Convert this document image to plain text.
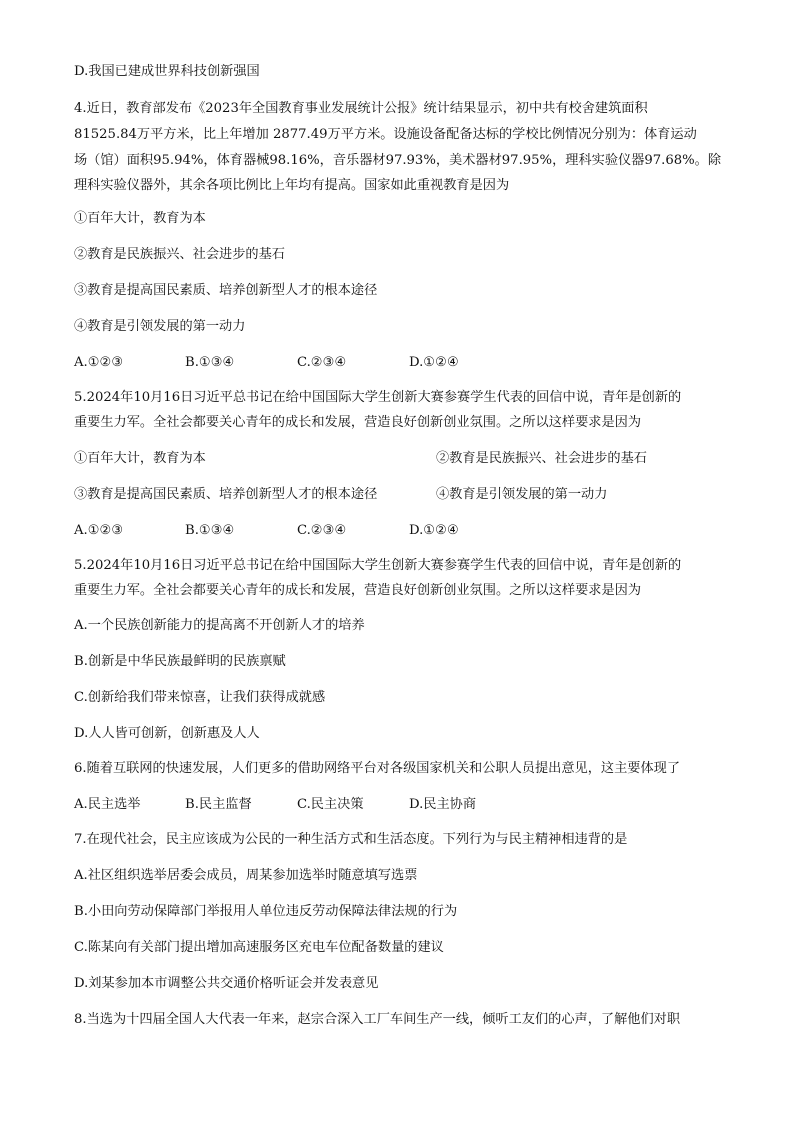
D.我国已建成世界科技创新强国
4.近日，教育部发布《2023年全国教育事业发展统计公报》统计结果显示，初中共有校舍建筑面积
81525.84万平方米，比上年增加 2877.49万平方米。设施设备配备达标的学校比例情况分别为：体育运动
场（馆）面积95.94%，体育器械98.16%，音乐器材97.93%，美术器材97.95%，理科实验仪器97.68%。除
理科实验仪器外，其余各项比例比上年均有提高。国家如此重视教育是因为
①百年大计，教育为本
②教育是民族振兴、社会进步的基石
③教育是提高国民素质、培养创新型人才的根本途径
④教育是引领发展的第一动力
A.①②③	B.①③④	C.②③④	D.①②④
5.2024年10月16日习近平总书记在给中国国际大学生创新大赛参赛学生代表的回信中说，青年是创新的
重要生力军。全社会都要关心青年的成长和发展，营造良好创新创业氛围。之所以这样要求是因为
①百年大计，教育为本	②教育是民族振兴、社会进步的基石
③教育是提高国民素质、培养创新型人才的根本途径	④教育是引领发展的第一动力
A.①②③	B.①③④	C.②③④	D.①②④
5.2024年10月16日习近平总书记在给中国国际大学生创新大赛参赛学生代表的回信中说，青年是创新的
重要生力军。全社会都要关心青年的成长和发展，营造良好创新创业氛围。之所以这样要求是因为
A.一个民族创新能力的提高离不开创新人才的培养
B.创新是中华民族最鲜明的民族禀赋
C.创新给我们带来惊喜，让我们获得成就感
D.人人皆可创新，创新惠及人人
6.随着互联网的快速发展，人们更多的借助网络平台对各级国家机关和公职人员提出意见，这主要体现了
A.民主选举	B.民主监督	C.民主决策	D.民主协商
7.在现代社会，民主应该成为公民的一种生活方式和生活态度。下列行为与民主精神相违背的是
A.社区组织选举居委会成员，周某参加选举时随意填写选票
B.小田向劳动保障部门举报用人单位违反劳动保障法律法规的行为
C.陈某向有关部门提出增加高速服务区充电车位配备数量的建议
D.刘某参加本市调整公共交通价格听证会并发表意见
8.当选为十四届全国人大代表一年来，赵宗合深入工厂车间生产一线，倾听工友们的心声，了解他们对职
